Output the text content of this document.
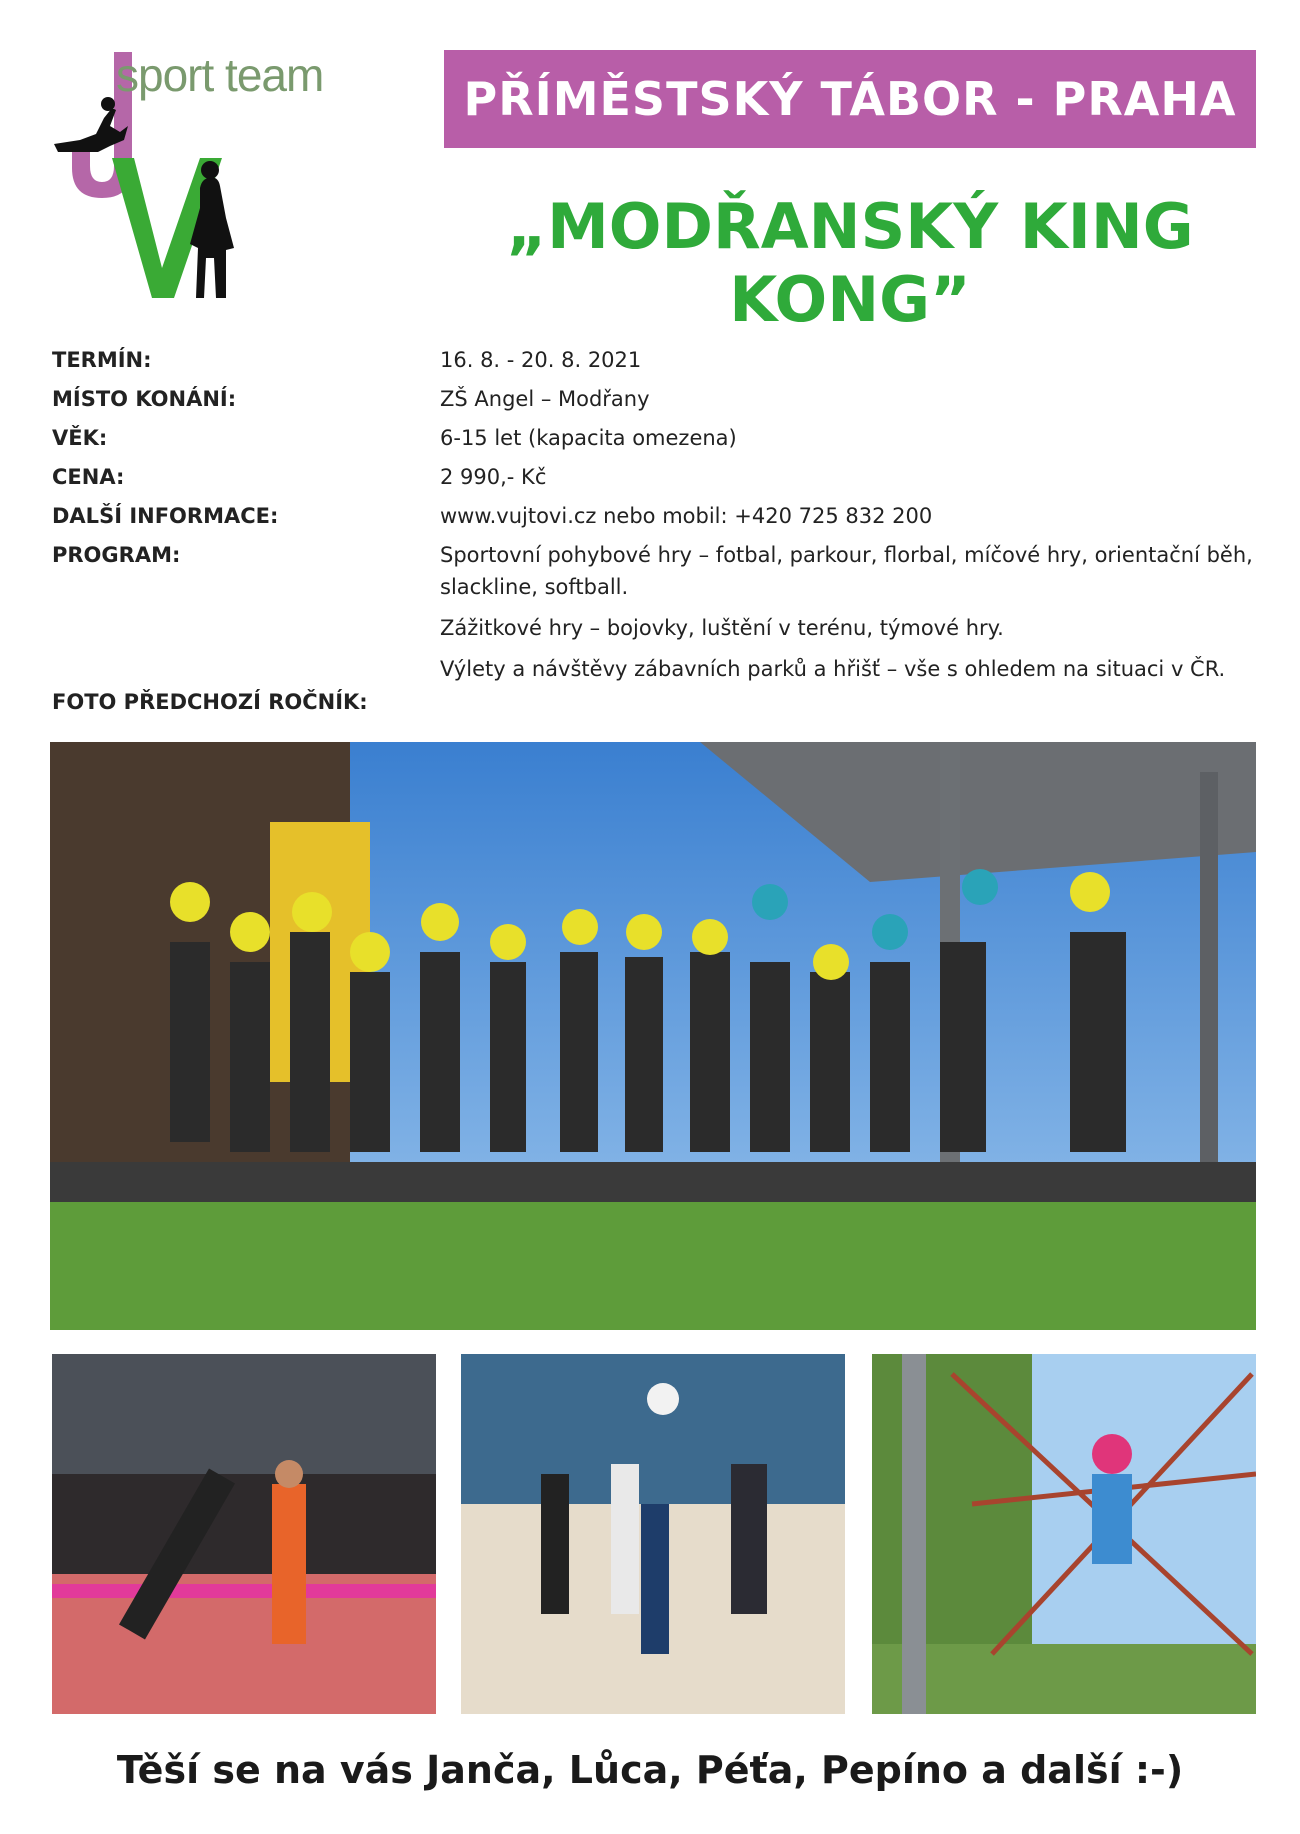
sport team	PŘÍMĚSTSKÝ TÁBOR - PRAHA
„MODŘANSKÝ KING KONG”
TERMÍN:	16. 8. - 20. 8. 2021
MÍSTO KONÁNÍ:	ZŠ Angel – Modřany
VĚK:	6-15 let (kapacita omezena)
CENA:	2 990,- Kč
DALŠÍ INFORMACE:	www.vujtovi.cz nebo mobil: +420 725 832 200
PROGRAM:	Sportovní pohybové hry – fotbal, parkour, florbal, míčové hry, orientační běh, slackline, softball.

Zážitkové hry – bojovky, luštění v terénu, týmové hry.

Výlety a návštěvy zábavních parků a hřišť – vše s ohledem na situaci v ČR.

FOTO PŘEDCHOZÍ ROČNÍK:
Těší se na vás Janča, Lůca, Péťa, Pepíno a další :-)
